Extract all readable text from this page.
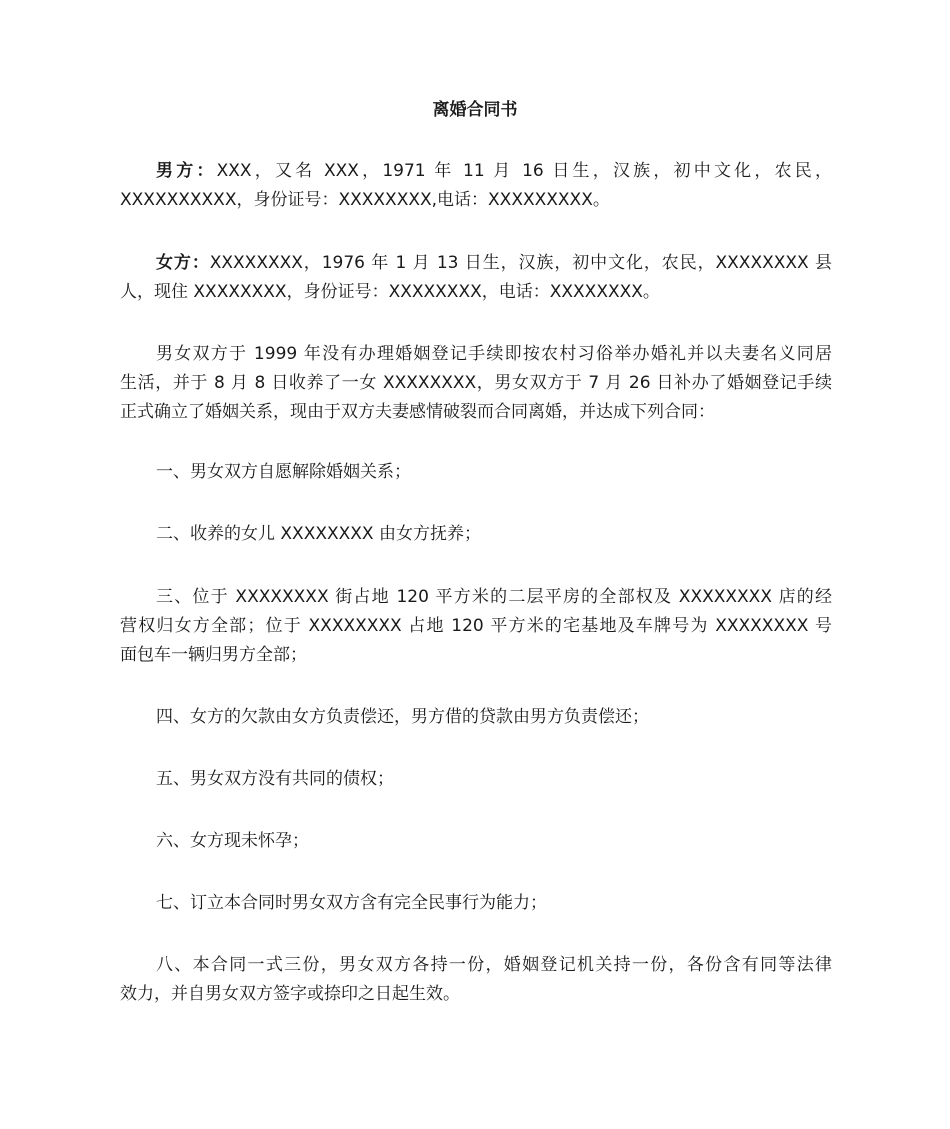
离婚合同书
男方：XXX，又名 XXX，1971 年 11 月 16 日生，汉族，初中文化，农民，
XXXXXXXXXX，身份证号：XXXXXXXX,电话：XXXXXXXXX。
女方：XXXXXXXX，1976 年 1 月 13 日生，汉族，初中文化，农民，XXXXXXXX 县
人，现住 XXXXXXXX，身份证号：XXXXXXXX，电话：XXXXXXXX。
男女双方于 1999 年没有办理婚姻登记手续即按农村习俗举办婚礼并以夫妻名义同居
生活，并于 8 月 8 日收养了一女 XXXXXXXX，男女双方于 7 月 26 日补办了婚姻登记手续
正式确立了婚姻关系，现由于双方夫妻感情破裂而合同离婚，并达成下列合同：
一、男女双方自愿解除婚姻关系；
二、收养的女儿 XXXXXXXX 由女方抚养；
三、位于 XXXXXXXX 街占地 120 平方米的二层平房的全部权及 XXXXXXXX 店的经
营权归女方全部；位于 XXXXXXXX 占地 120 平方米的宅基地及车牌号为 XXXXXXXX 号
面包车一辆归男方全部；
四、女方的欠款由女方负责偿还，男方借的贷款由男方负责偿还；
五、男女双方没有共同的债权；
六、女方现未怀孕；
七、订立本合同时男女双方含有完全民事行为能力；
八、本合同一式三份，男女双方各持一份，婚姻登记机关持一份，各份含有同等法律
效力，并自男女双方签字或捺印之日起生效。
